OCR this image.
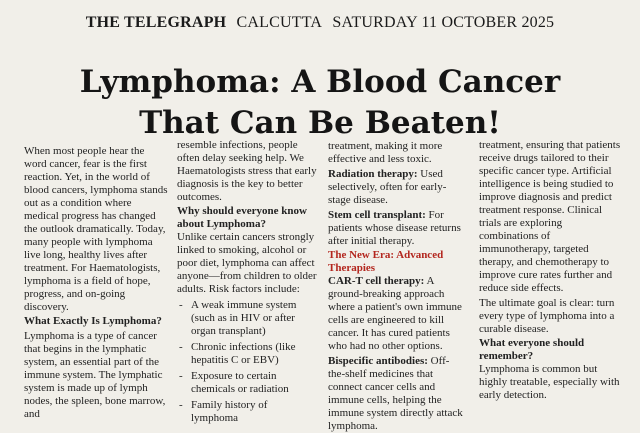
THE TELEGRAPH CALCUTTA SATURDAY 11 OCTOBER 2025
Lymphoma: A Blood Cancer
That Can Be Beaten!

When most people hear the word cancer, fear is the first reaction. Yet, in the world of blood cancers, lymphoma stands out as a condition where medical progress has changed the outlook dramatically. Today, many people with lymphoma live long, healthy lives after treatment. For Haematologists, lymphoma is a field of hope, progress, and on-going discovery.

What Exactly Is Lymphoma?

Lymphoma is a type of cancer that begins in the lymphatic system, an essential part of the immune system. The lymphatic system is made up of lymph nodes, the spleen, bone marrow, and

resemble infections, people often delay seeking help. We Haematologists stress that early diagnosis is the key to better outcomes.

Why should everyone know about Lymphoma?

Unlike certain cancers strongly linked to smoking, alcohol or poor diet, lymphoma can affect anyone—from children to older adults. Risk factors include:

- A weak immune system (such as in HIV or after organ transplant)
- Chronic infections (like hepatitis C or EBV)
- Exposure to certain chemicals or radiation
- Family history of lymphoma

treatment, making it more effective and less toxic.

Radiation therapy: Used selectively, often for early-stage disease.

Stem cell transplant: For patients whose disease returns after initial therapy.

The New Era: Advanced Therapies

CAR-T cell therapy: A ground-breaking approach where a patient's own immune cells are engineered to kill cancer. It has cured patients who had no other options.

Bispecific antibodies: Off-the-shelf medicines that connect cancer cells and immune cells, helping the immune system directly attack lymphoma.

treatment, ensuring that patients receive drugs tailored to their specific cancer type. Artificial intelligence is being studied to improve diagnosis and predict treatment response. Clinical trials are exploring combinations of immunotherapy, targeted therapy, and chemotherapy to improve cure rates further and reduce side effects.

The ultimate goal is clear: turn every type of lymphoma into a curable disease.

What everyone should remember?

Lymphoma is common but highly treatable, especially with early detection.
